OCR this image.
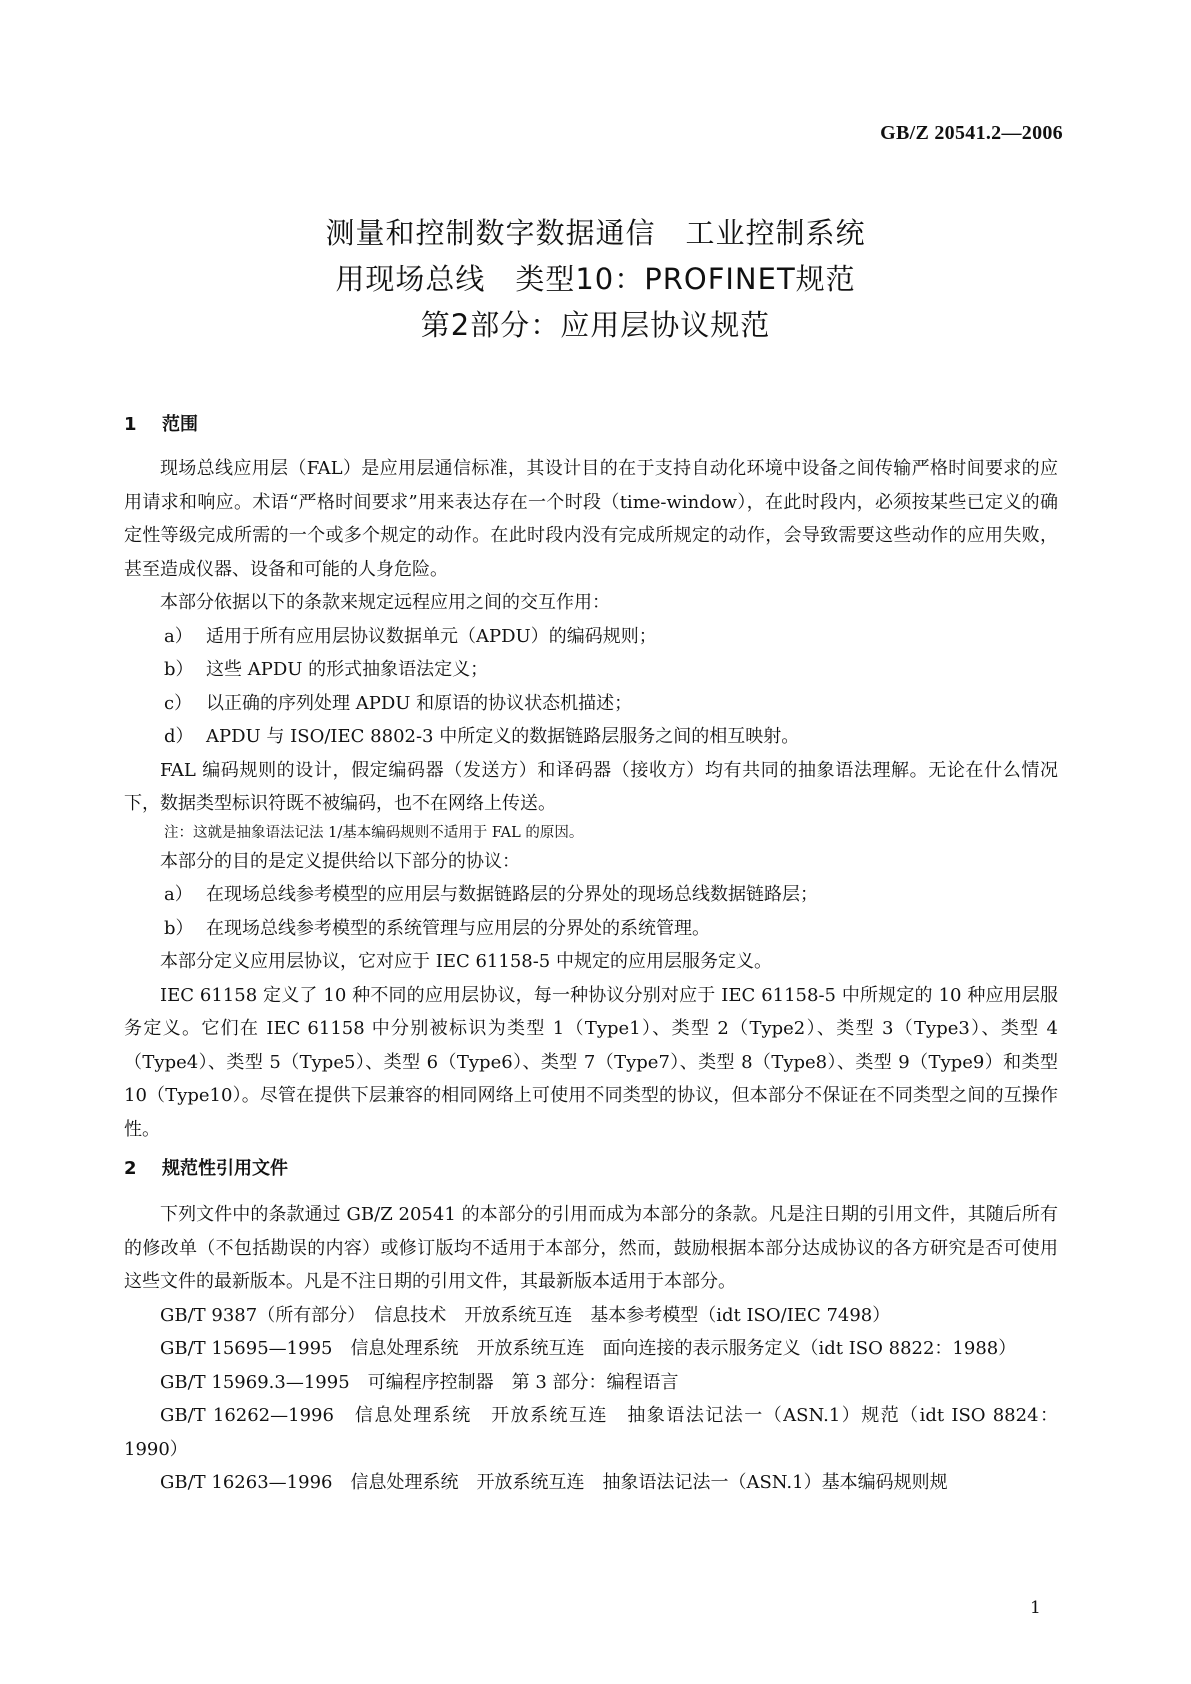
GB/Z 20541.2—2006
测量和控制数字数据通信　工业控制系统
用现场总线　类型10：PROFINET规范
第2部分：应用层协议规范
1 范围
现场总线应用层（FAL）是应用层通信标准，其设计目的在于支持自动化环境中设备之间传输严格时间要求的应用请求和响应。术语“严格时间要求”用来表达存在一个时段（time-window），在此时段内，必须按某些已定义的确定性等级完成所需的一个或多个规定的动作。在此时段内没有完成所规定的动作，会导致需要这些动作的应用失败，甚至造成仪器、设备和可能的人身危险。
本部分依据以下的条款来规定远程应用之间的交互作用：
a） 适用于所有应用层协议数据单元（APDU）的编码规则；
b） 这些 APDU 的形式抽象语法定义；
c） 以正确的序列处理 APDU 和原语的协议状态机描述；
d） APDU 与 ISO/IEC 8802-3 中所定义的数据链路层服务之间的相互映射。
FAL 编码规则的设计，假定编码器（发送方）和译码器（接收方）均有共同的抽象语法理解。无论在什么情况下，数据类型标识符既不被编码，也不在网络上传送。
注：这就是抽象语法记法 1/基本编码规则不适用于 FAL 的原因。
本部分的目的是定义提供给以下部分的协议：
a） 在现场总线参考模型的应用层与数据链路层的分界处的现场总线数据链路层；
b） 在现场总线参考模型的系统管理与应用层的分界处的系统管理。
本部分定义应用层协议，它对应于 IEC 61158-5 中规定的应用层服务定义。
IEC 61158 定义了 10 种不同的应用层协议，每一种协议分别对应于 IEC 61158-5 中所规定的 10 种应用层服务定义。它们在 IEC 61158 中分别被标识为类型 1（Type1）、类型 2（Type2）、类型 3（Type3）、类型 4（Type4）、类型 5（Type5）、类型 6（Type6）、类型 7（Type7）、类型 8（Type8）、类型 9（Type9）和类型 10（Type10）。尽管在提供下层兼容的相同网络上可使用不同类型的协议，但本部分不保证在不同类型之间的互操作性。
2 规范性引用文件
下列文件中的条款通过 GB/Z 20541 的本部分的引用而成为本部分的条款。凡是注日期的引用文件，其随后所有的修改单（不包括勘误的内容）或修订版均不适用于本部分，然而，鼓励根据本部分达成协议的各方研究是否可使用这些文件的最新版本。凡是不注日期的引用文件，其最新版本适用于本部分。
GB/T 9387（所有部分）　信息技术　开放系统互连　基本参考模型（idt ISO/IEC 7498）
GB/T 15695—1995　信息处理系统　开放系统互连　面向连接的表示服务定义（idt ISO 8822：1988）
GB/T 15969.3—1995　可编程序控制器　第 3 部分：编程语言
GB/T 16262—1996　信息处理系统　开放系统互连　抽象语法记法一（ASN.1）规范（idt ISO 8824：1990）
GB/T 16263—1996　信息处理系统　开放系统互连　抽象语法记法一（ASN.1）基本编码规则规
1
